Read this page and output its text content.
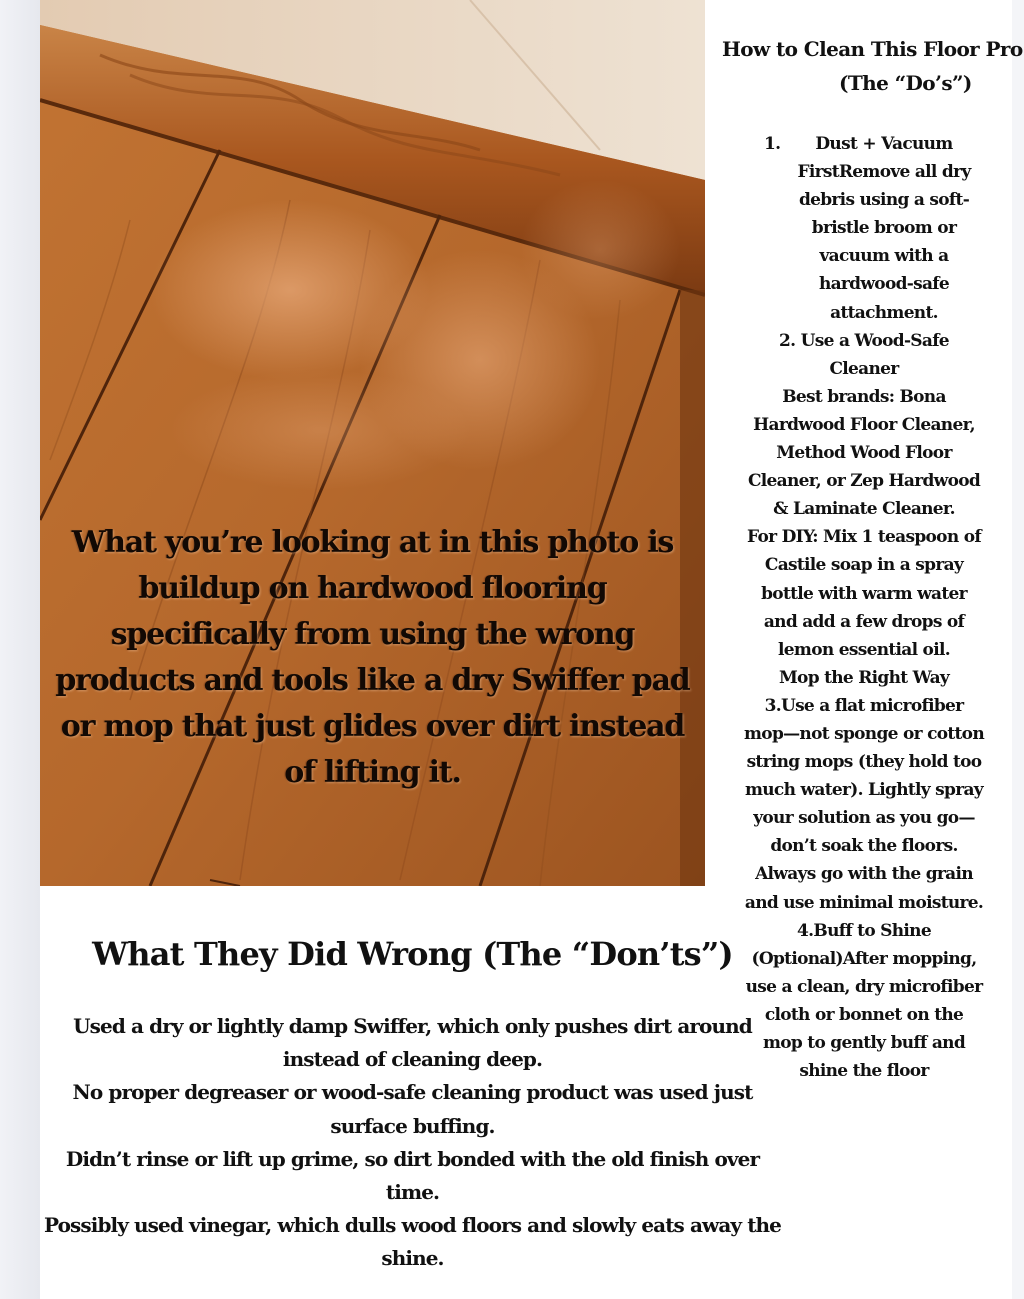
What you’re looking at in this photo is buildup on hardwood flooring specifically from using the wrong products and tools like a dry Swiffer pad or mop that just glides over dirt instead of lifting it.
How to Clean This Floor Pro
(The “Do’s”)

1. Dust + Vacuum FirstRemove all dry debris using a soft-bristle broom or vacuum with a hardwood-safe attachment.

2. Use a Wood-Safe Cleaner

Best brands: Bona Hardwood Floor Cleaner, Method Wood Floor Cleaner, or Zep Hardwood & Laminate Cleaner.

For DIY: Mix 1 teaspoon of Castile soap in a spray bottle with warm water and add a few drops of lemon essential oil.

Mop the Right Way

3.Use a flat microfiber mop—not sponge or cotton string mops (they hold too much water). Lightly spray your solution as you go—don’t soak the floors. Always go with the grain and use minimal moisture.

4.Buff to Shine (Optional)After mopping, use a clean, dry microfiber cloth or bonnet on the mop to gently buff and shine the floor

What They Did Wrong (The “Don’ts”)

Used a dry or lightly damp Swiffer, which only pushes dirt around instead of cleaning deep.

No proper degreaser or wood-safe cleaning product was used just surface buffing.

Didn’t rinse or lift up grime, so dirt bonded with the old finish over time.

Possibly used vinegar, which dulls wood floors and slowly eats away the shine.
